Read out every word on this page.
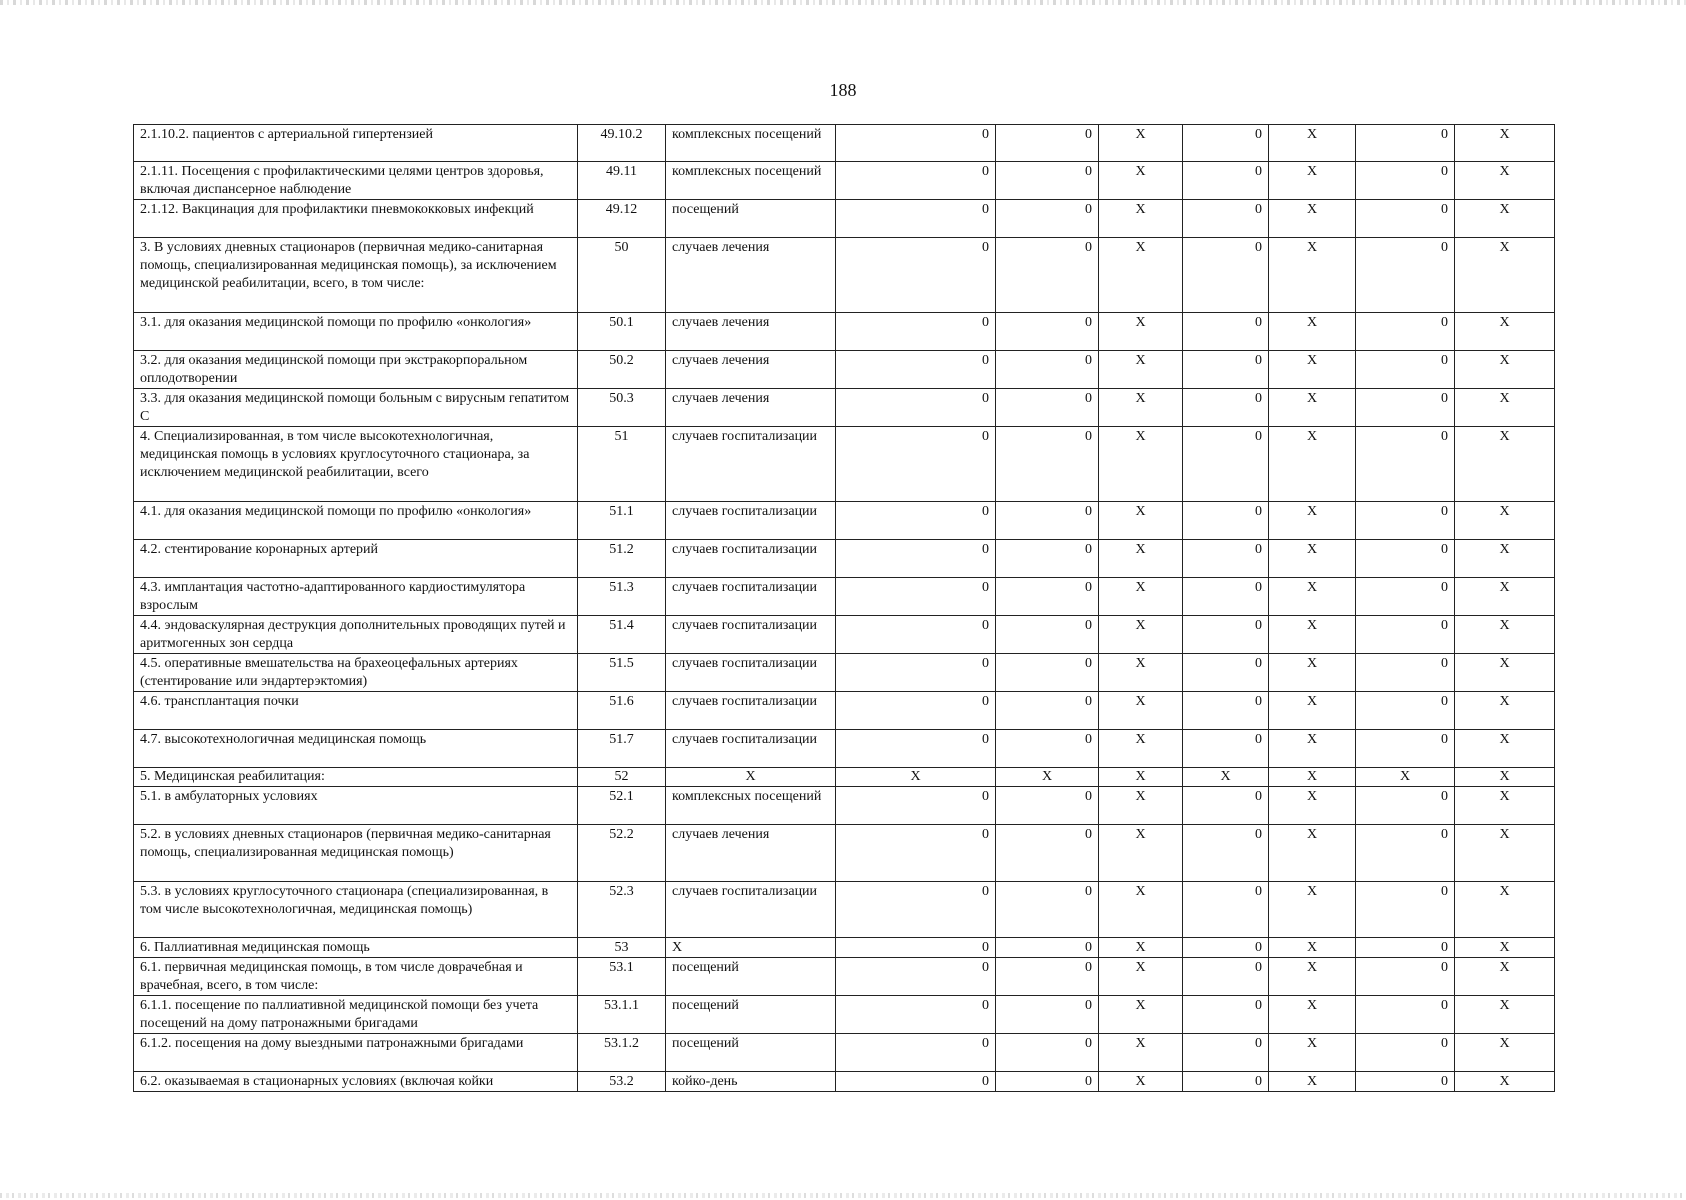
188
2.1.10.2. пациентов с артериальной гипертензией	49.10.2	комплексных посещений	0	0	X	0	X	0	X
2.1.11. Посещения с профилактическими целями центров здоровья, включая диспансерное наблюдение	49.11	комплексных посещений	0	0	X	0	X	0	X
2.1.12. Вакцинация для профилактики пневмококковых инфекций	49.12	посещений	0	0	X	0	X	0	X
3. В условиях дневных стационаров (первичная медико-санитарная помощь, специализированная медицинская помощь), за исключением медицинской реабилитации, всего, в том числе:	50	случаев лечения	0	0	X	0	X	0	X
3.1. для оказания медицинской помощи по профилю «онкология»	50.1	случаев лечения	0	0	X	0	X	0	X
3.2. для оказания медицинской помощи при экстракорпоральном оплодотворении	50.2	случаев лечения	0	0	X	0	X	0	X
3.3. для оказания медицинской помощи больным с вирусным гепатитом С	50.3	случаев лечения	0	0	X	0	X	0	X
4. Специализированная, в том числе высокотехнологичная, медицинская помощь в условиях круглосуточного стационара, за исключением медицинской реабилитации, всего	51	случаев госпитализации	0	0	X	0	X	0	X
4.1. для оказания медицинской помощи по профилю «онкология»	51.1	случаев госпитализации	0	0	X	0	X	0	X
4.2. стентирование коронарных артерий	51.2	случаев госпитализации	0	0	X	0	X	0	X
4.3. имплантация частотно-адаптированного кардиостимулятора взрослым	51.3	случаев госпитализации	0	0	X	0	X	0	X
4.4. эндоваскулярная деструкция дополнительных проводящих путей и аритмогенных зон сердца	51.4	случаев госпитализации	0	0	X	0	X	0	X
4.5. оперативные вмешательства на брахеоцефальных артериях (стентирование или эндартерэктомия)	51.5	случаев госпитализации	0	0	X	0	X	0	X
4.6. трансплантация почки	51.6	случаев госпитализации	0	0	X	0	X	0	X
4.7. высокотехнологичная медицинская помощь	51.7	случаев госпитализации	0	0	X	0	X	0	X
5. Медицинская реабилитация:	52	X	X	X	X	X	X	X	X
5.1. в амбулаторных условиях	52.1	комплексных посещений	0	0	X	0	X	0	X
5.2. в условиях дневных стационаров (первичная медико-санитарная помощь, специализированная медицинская помощь)	52.2	случаев лечения	0	0	X	0	X	0	X
5.3. в условиях круглосуточного стационара (специализированная, в том числе высокотехнологичная, медицинская помощь)	52.3	случаев госпитализации	0	0	X	0	X	0	X
6. Паллиативная медицинская помощь	53	X	0	0	X	0	X	0	X
6.1. первичная медицинская помощь, в том числе доврачебная и врачебная, всего, в том числе:	53.1	посещений	0	0	X	0	X	0	X
6.1.1. посещение по паллиативной медицинской помощи без учета посещений на дому патронажными бригадами	53.1.1	посещений	0	0	X	0	X	0	X
6.1.2. посещения на дому выездными патронажными бригадами	53.1.2	посещений	0	0	X	0	X	0	X
6.2. оказываемая в стационарных условиях (включая койки	53.2	койко-день	0	0	X	0	X	0	X
